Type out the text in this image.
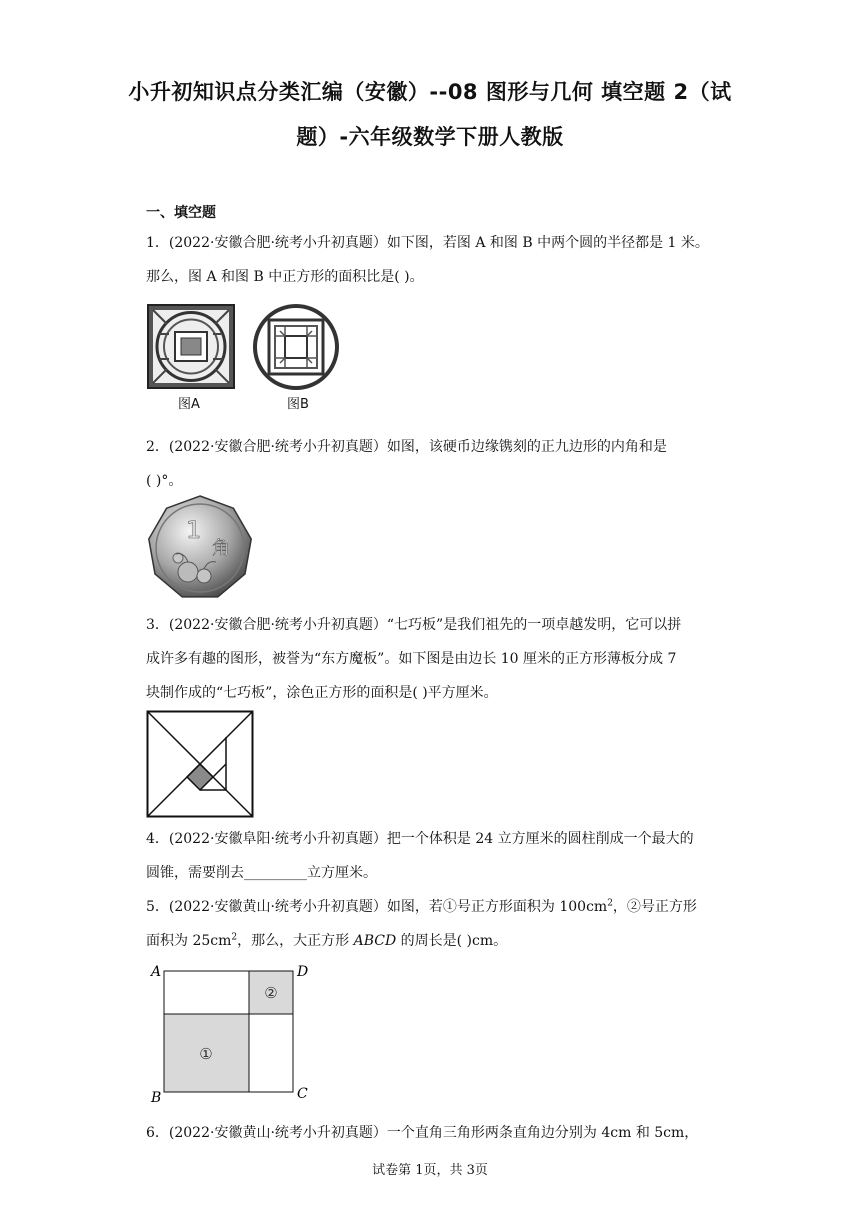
小升初知识点分类汇编（安徽）--08 图形与几何 填空题 2（试
题）-六年级数学下册人教版
一、填空题
1．(2022·安徽合肥·统考小升初真题）如下图，若图 A 和图 B 中两个圆的半径都是 1 米。
那么，图 A 和图 B 中正方形的面积比是( )。
图A	图B
2．(2022·安徽合肥·统考小升初真题）如图，该硬币边缘镌刻的正九边形的内角和是
( )°。
1
角
3．(2022·安徽合肥·统考小升初真题）“七巧板”是我们祖先的一项卓越发明，它可以拼
成许多有趣的图形，被誉为“东方魔板”。如下图是由边长 10 厘米的正方形薄板分成 7
块制作成的“七巧板”，涂色正方形的面积是( )平方厘米。
4．(2022·安徽阜阳·统考小升初真题）把一个体积是 24 立方厘米的圆柱削成一个最大的
圆锥，需要削去_________立方厘米。
5．(2022·安徽黄山·统考小升初真题）如图，若①号正方形面积为 $100cm^2$，②号正方形
面积为 $25cm^2$，那么，大正方形 ABCD 的周长是( )cm。
①
②
A	D
B	C
6．(2022·安徽黄山·统考小升初真题）一个直角三角形两条直角边分别为 4cm 和 5cm，
试卷第 1页，共 3页
